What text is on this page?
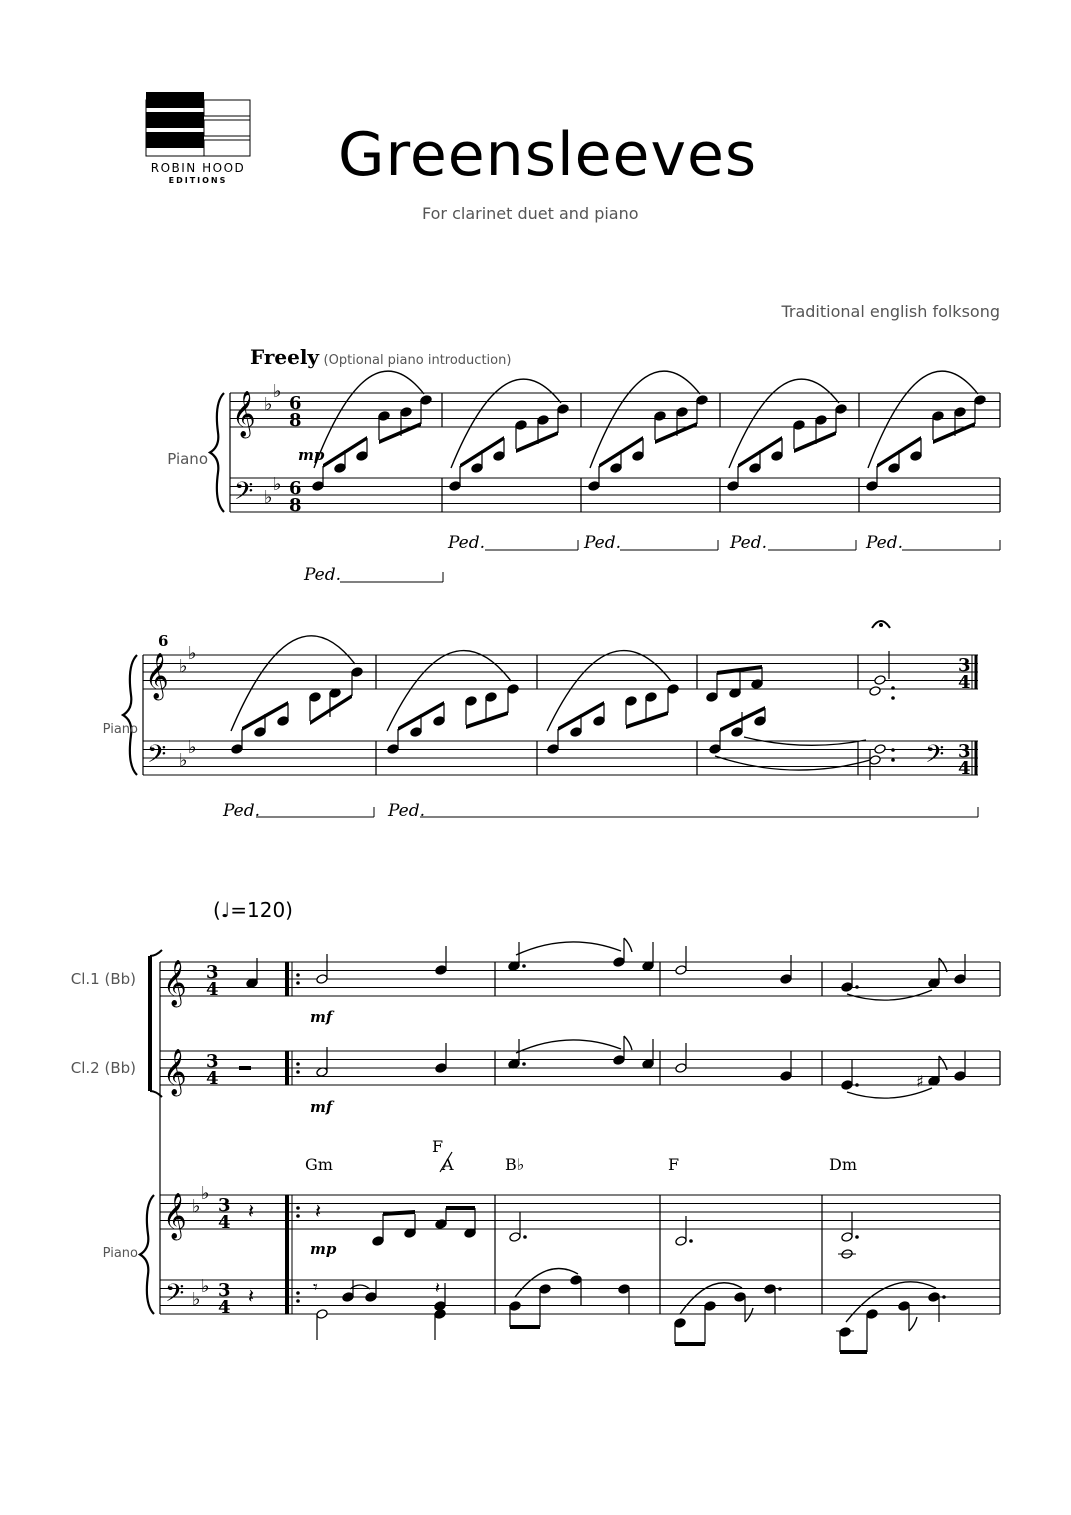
ROBIN HOOD
EDITIONS	Greensleeves
For clarinet duet and piano
Traditional english folksong
𝄞
𝄢
♭
♭
♭
♭
6
8
6
8
𝄞
𝄢
♭
♭
♭
♭
3
4
3
4
𝄢
𝄞
𝄞
𝄞
𝄢
♭
♭
♭
♭
3
4
3
4
3
4
3
4
♯
𝄽	𝄽
𝄽	𝄾	𝄽
Freely (Optional piano introduction)
Piano	mp
Ped.	Ped.	Ped.	Ped.
Ped.
6
Piano
Ped.	Ped.
(♩=120)
Cl.1 (Bb)
Cl.2 (Bb)
Piano
mf
mf
mp
Gm
F
A	B♭	F	Dm
